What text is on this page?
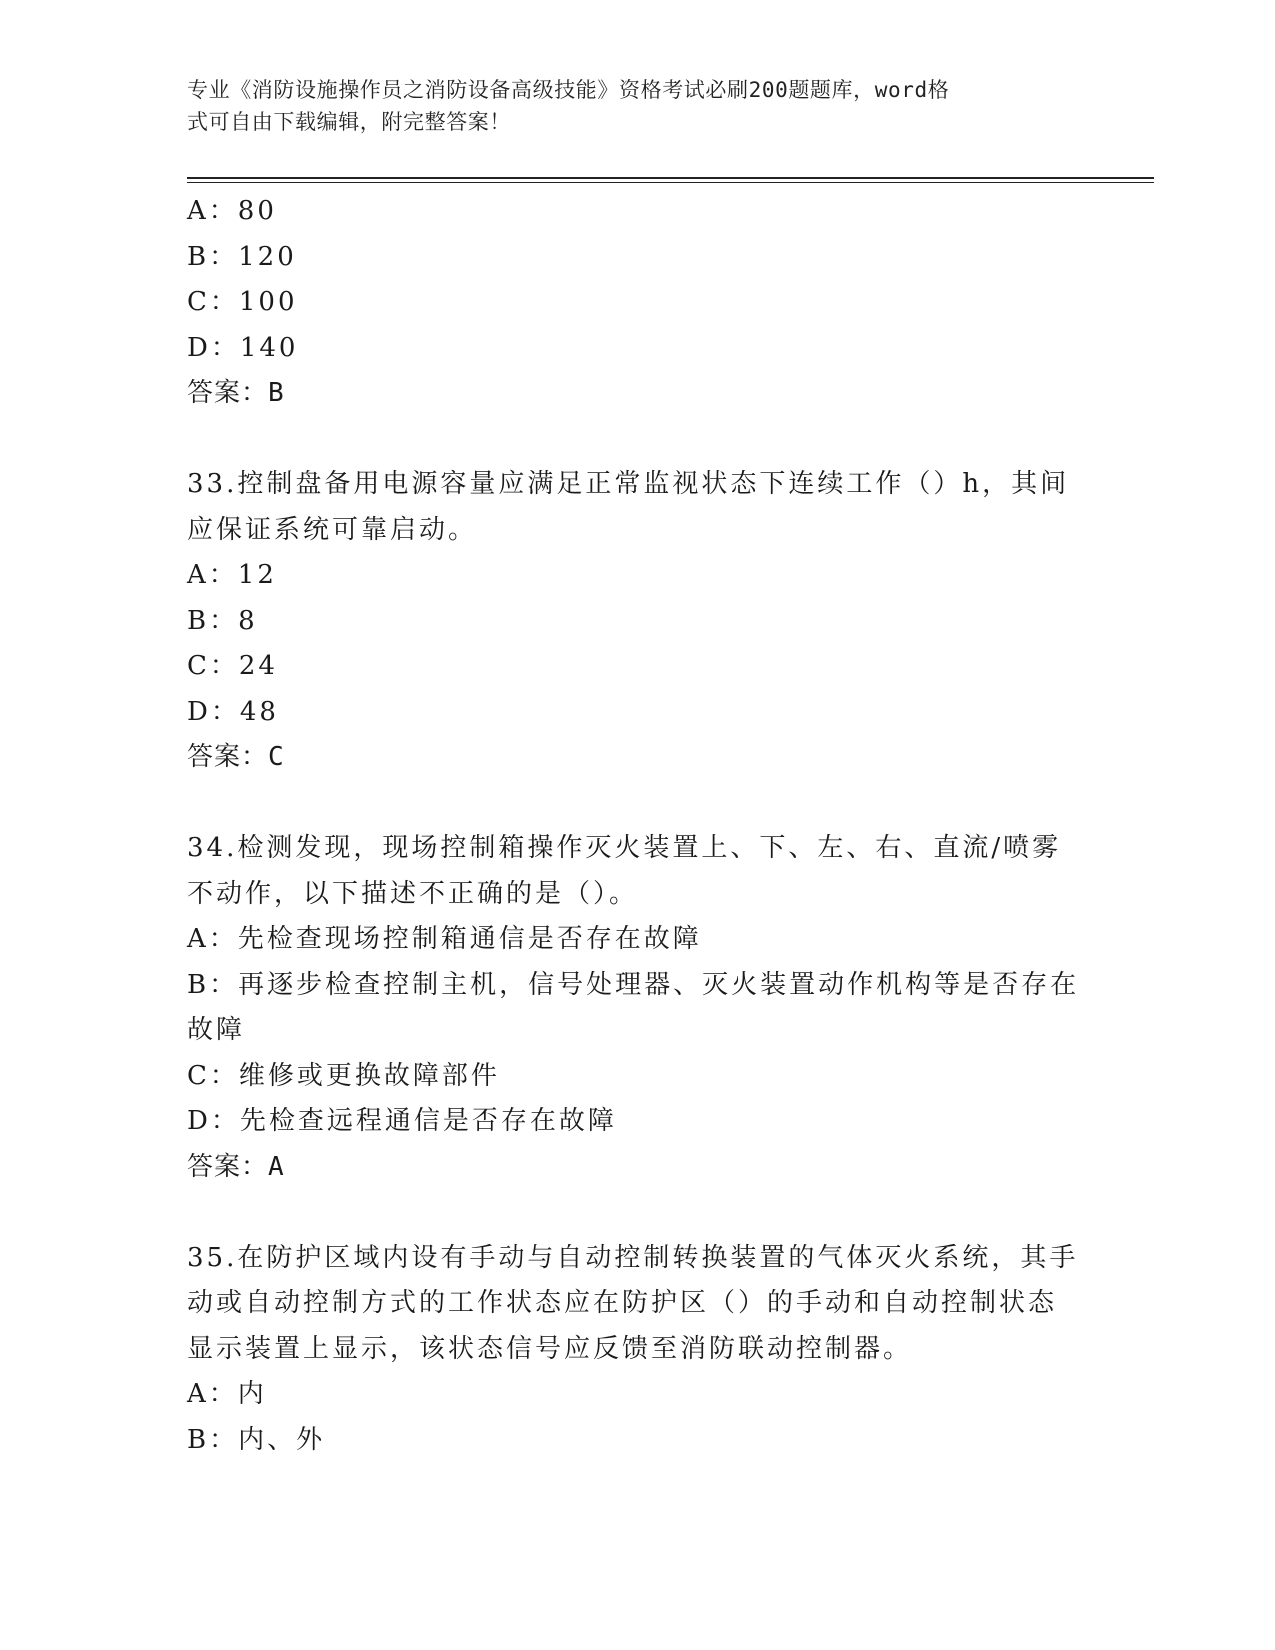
专业《消防设施操作员之消防设备高级技能》资格考试必刷200题题库，word格
式可自由下载编辑，附完整答案！
A：80
B：120
C：100
D：140
答案：B
33.控制盘备用电源容量应满足正常监视状态下连续工作（）h，其间
应保证系统可靠启动。
A：12
B：8
C：24
D：48
答案：C
34.检测发现，现场控制箱操作灭火装置上、下、左、右、直流/喷雾
不动作，以下描述不正确的是（）。
A：先检查现场控制箱通信是否存在故障
B：再逐步检查控制主机，信号处理器、灭火装置动作机构等是否存在
故障
C：维修或更换故障部件
D：先检查远程通信是否存在故障
答案：A
35.在防护区域内设有手动与自动控制转换装置的气体灭火系统，其手
动或自动控制方式的工作状态应在防护区（）的手动和自动控制状态
显示装置上显示，该状态信号应反馈至消防联动控制器。
A：内
B：内、外
